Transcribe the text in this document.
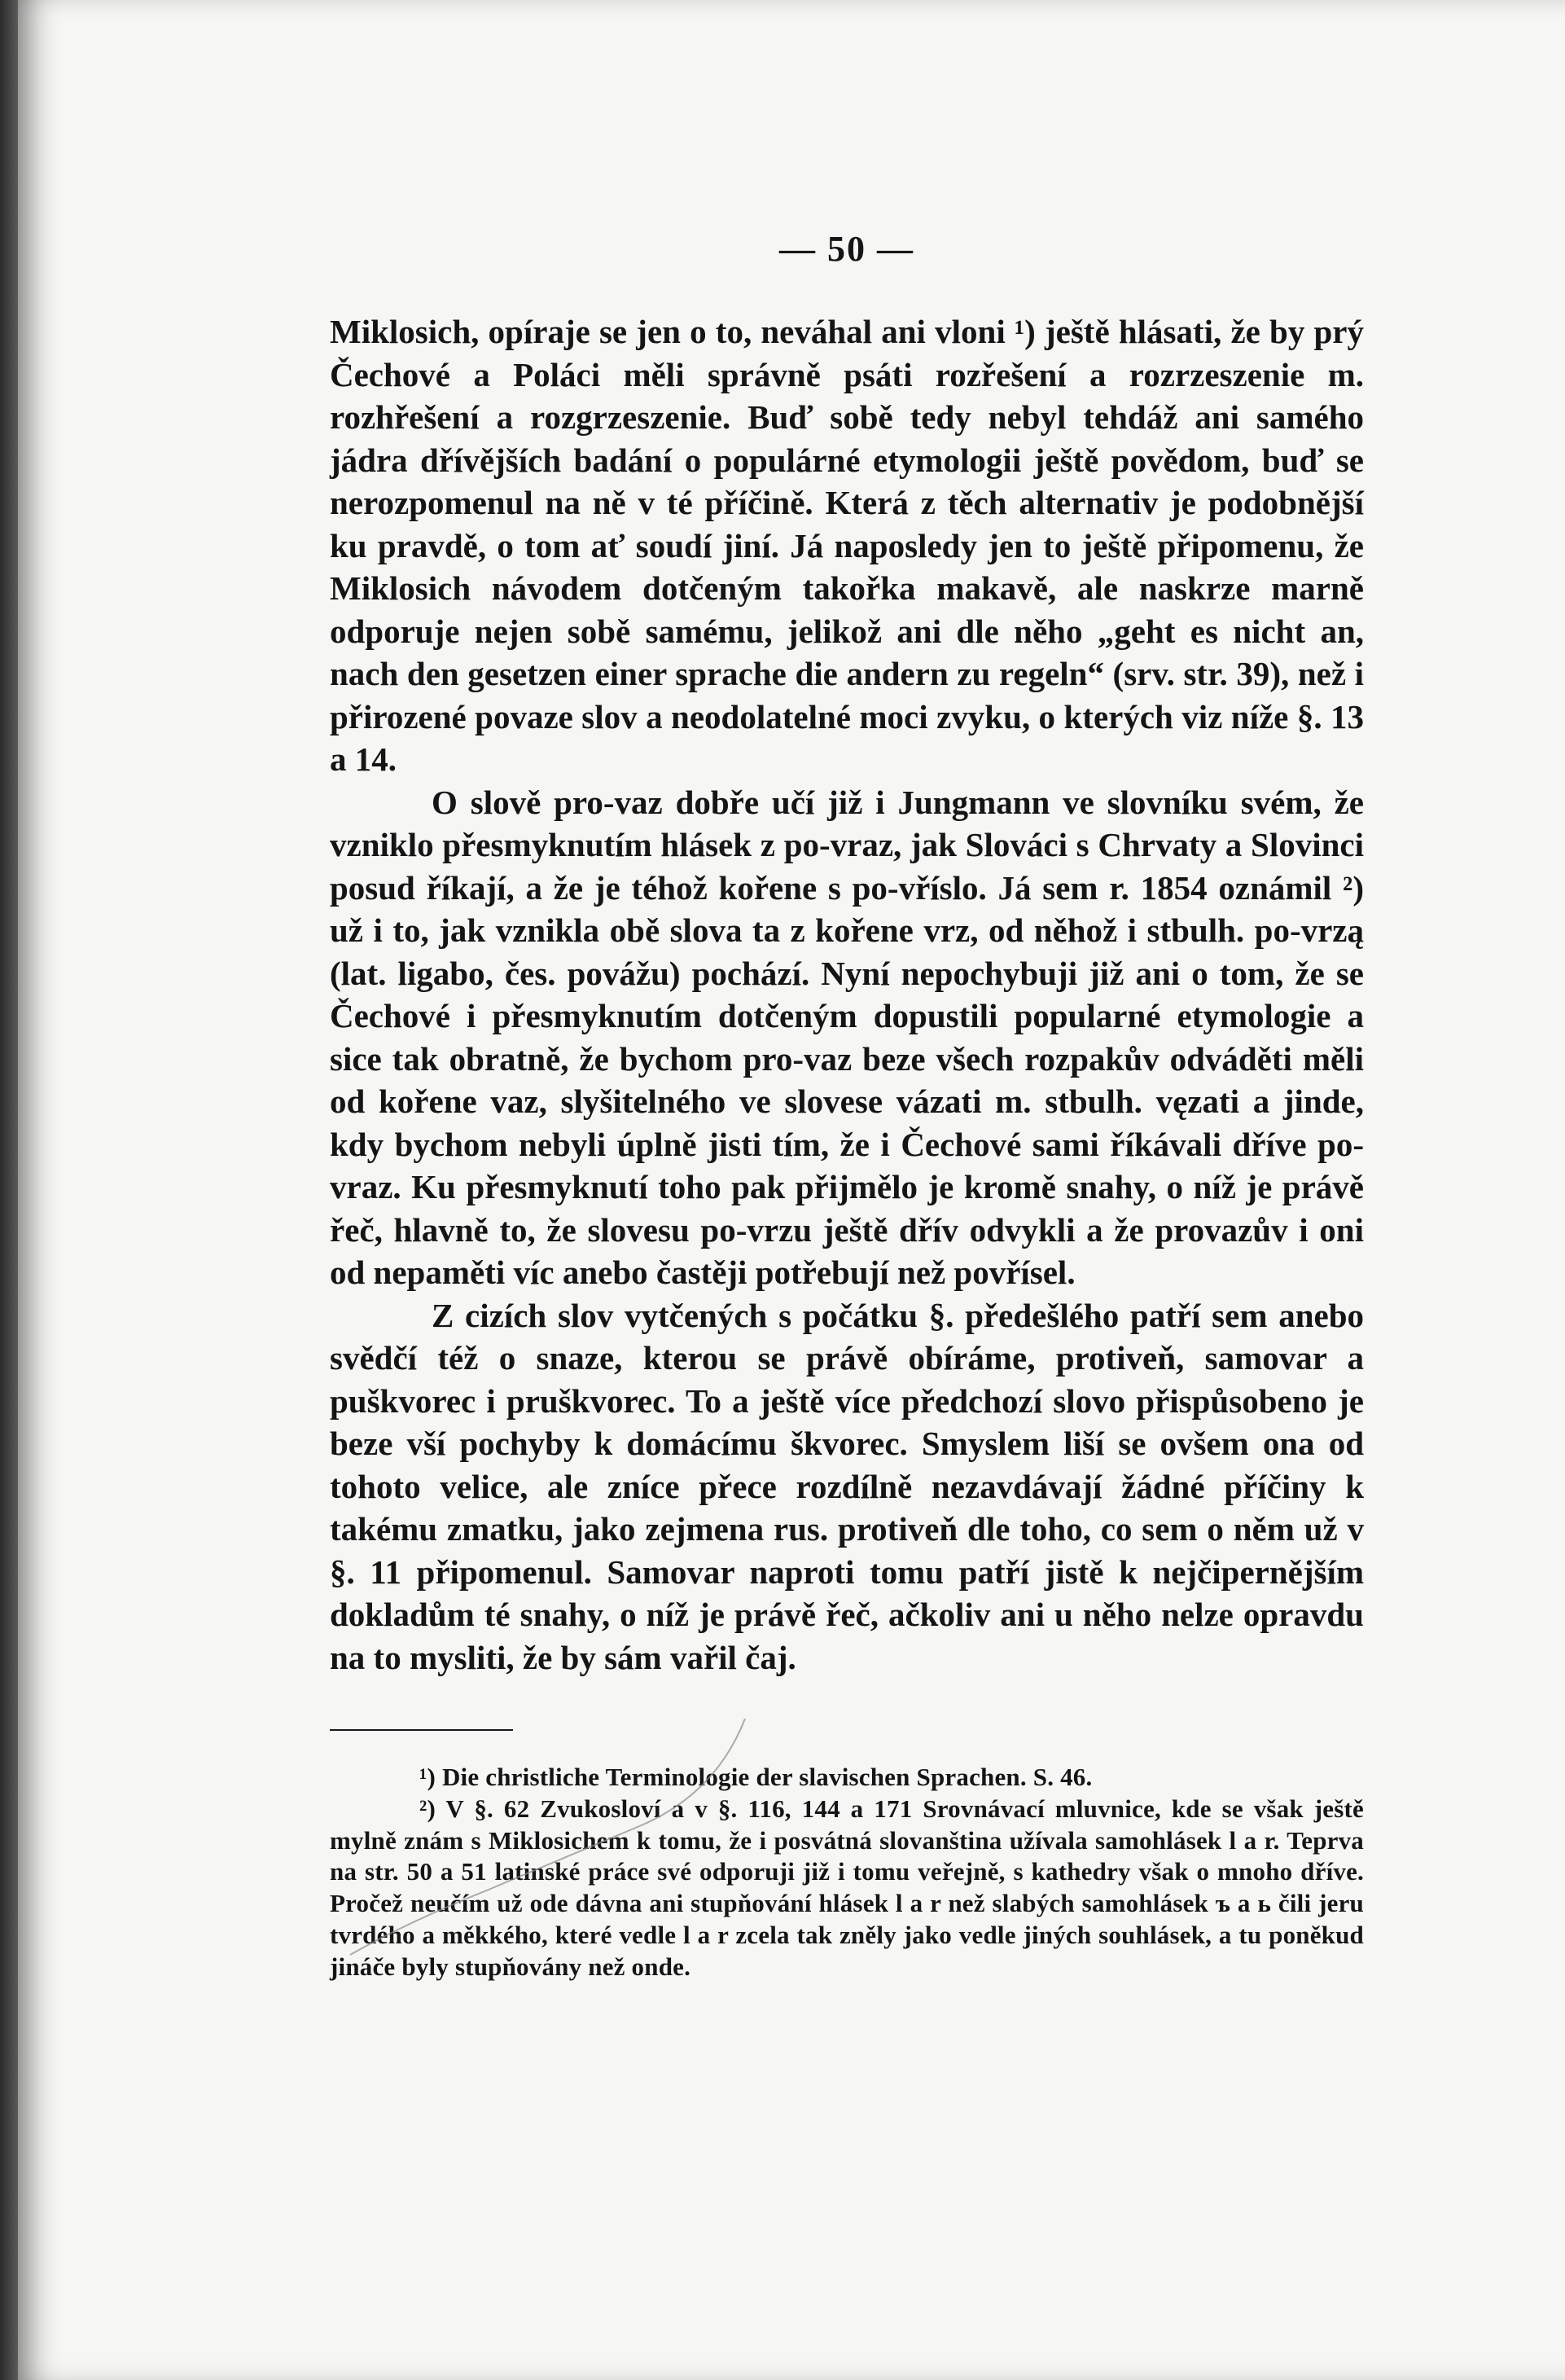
— 50 —

Miklosich, opíraje se jen o to, neváhal ani vloni ¹) ještě hlásati, že by prý Čechové a Poláci měli správně psáti rozřešení a rozrzeszenie m. rozhřešení a rozgrzeszenie. Buď sobě tedy nebyl tehdáž ani samého jádra dřívějších badání o populárné etymologii ještě povědom, buď se nerozpomenul na ně v té příčině. Která z těch alternativ je podobnější ku pravdě, o tom ať soudí jiní. Já naposledy jen to ještě připomenu, že Miklosich návodem dotčeným takořka makavě, ale naskrze marně odporuje nejen sobě samému, jelikož ani dle něho „geht es nicht an, nach den gesetzen einer sprache die andern zu regeln“ (srv. str. 39), než i přirozené povaze slov a neodolatelné moci zvyku, o kterých viz níže §. 13 a 14.

O slově pro-vaz dobře učí již i Jungmann ve slovníku svém, že vzniklo přesmyknutím hlásek z po-vraz, jak Slováci s Chrvaty a Slovinci posud říkají, a že je téhož kořene s po-vříslo. Já sem r. 1854 oznámil ²) už i to, jak vznikla obě slova ta z kořene vrz, od něhož i stbulh. po-vrzą (lat. ligabo, čes. povážu) pochází. Nyní nepochybuji již ani o tom, že se Čechové i přesmyknutím dotčeným dopustili popularné etymologie a sice tak obratně, že bychom pro-vaz beze všech rozpakův odváděti měli od kořene vaz, slyšitelného ve slovese vázati m. stbulh. vęzati a jinde, kdy bychom nebyli úplně jisti tím, že i Čechové sami říkávali dříve po-vraz. Ku přesmyknutí toho pak přijmělo je kromě snahy, o níž je právě řeč, hlavně to, že slovesu po-vrzu ještě dřív odvykli a že provazův i oni od nepaměti víc anebo častěji potřebují než povřísel.

Z cizích slov vytčených s počátku §. předešlého patří sem anebo svědčí též o snaze, kterou se právě obíráme, protiveň, samovar a puškvorec i pruškvorec. To a ještě více předchozí slovo přispůsobeno je beze vší pochyby k domácímu škvorec. Smyslem liší se ovšem ona od tohoto velice, ale zníce přece rozdílně nezavdávají žádné příčiny k takému zmatku, jako zejmena rus. protiveň dle toho, co sem o něm už v §. 11 připomenul. Samovar naproti tomu patří jistě k nejčipernějším dokladům té snahy, o níž je právě řeč, ačkoliv ani u něho nelze opravdu na to mysliti, že by sám vařil čaj.

¹) Die christliche Terminologie der slavischen Sprachen. S. 46.

²) V §. 62 Zvukosloví a v §. 116, 144 a 171 Srovnávací mluvnice, kde se však ještě mylně znám s Miklosichem k tomu, že i posvátná slovanština užívala samohlásek l a r. Teprva na str. 50 a 51 latinské práce své odporuji již i tomu veřejně, s kathedry však o mnoho dříve. Pročež neučím už ode dávna ani stupňování hlásek l a r než slabých samohlásek ъ a ь čili jeru tvrdého a měkkého, které vedle l a r zcela tak zněly jako vedle jiných souhlásek, a tu poněkud jináče byly stupňovány než onde.
